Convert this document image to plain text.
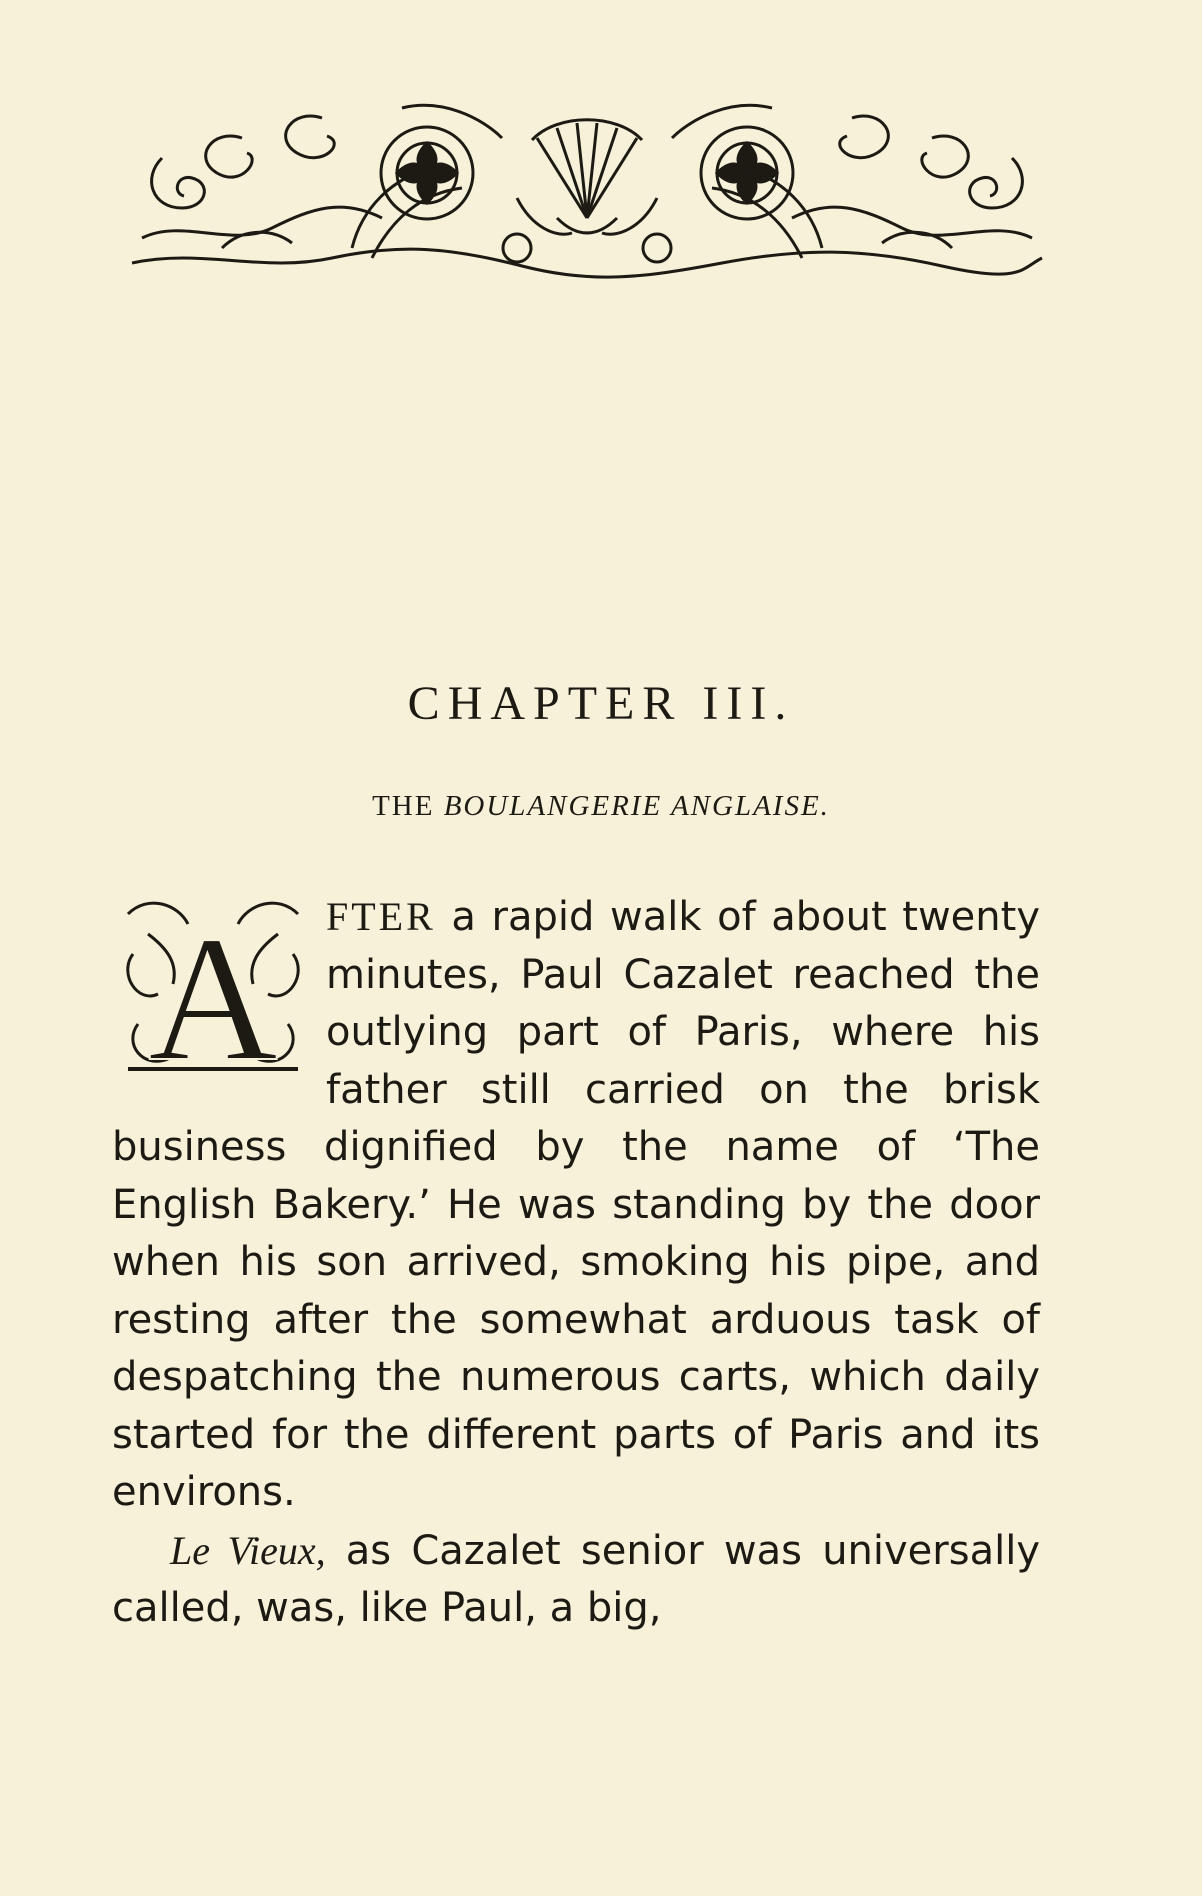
CHAPTER III.
THE BOULANGERIE ANGLAISE.

A FTER a rapid walk of about twenty minutes, Paul Cazalet reached the outlying part of Paris, where his father still carried on the brisk business dignified by the name of ‘The English Bakery.’ He was standing by the door when his son arrived, smoking his pipe, and resting after the somewhat arduous task of despatching the numerous carts, which daily started for the different parts of Paris and its environs.

Le Vieux, as Cazalet senior was universally called, was, like Paul, a big,
